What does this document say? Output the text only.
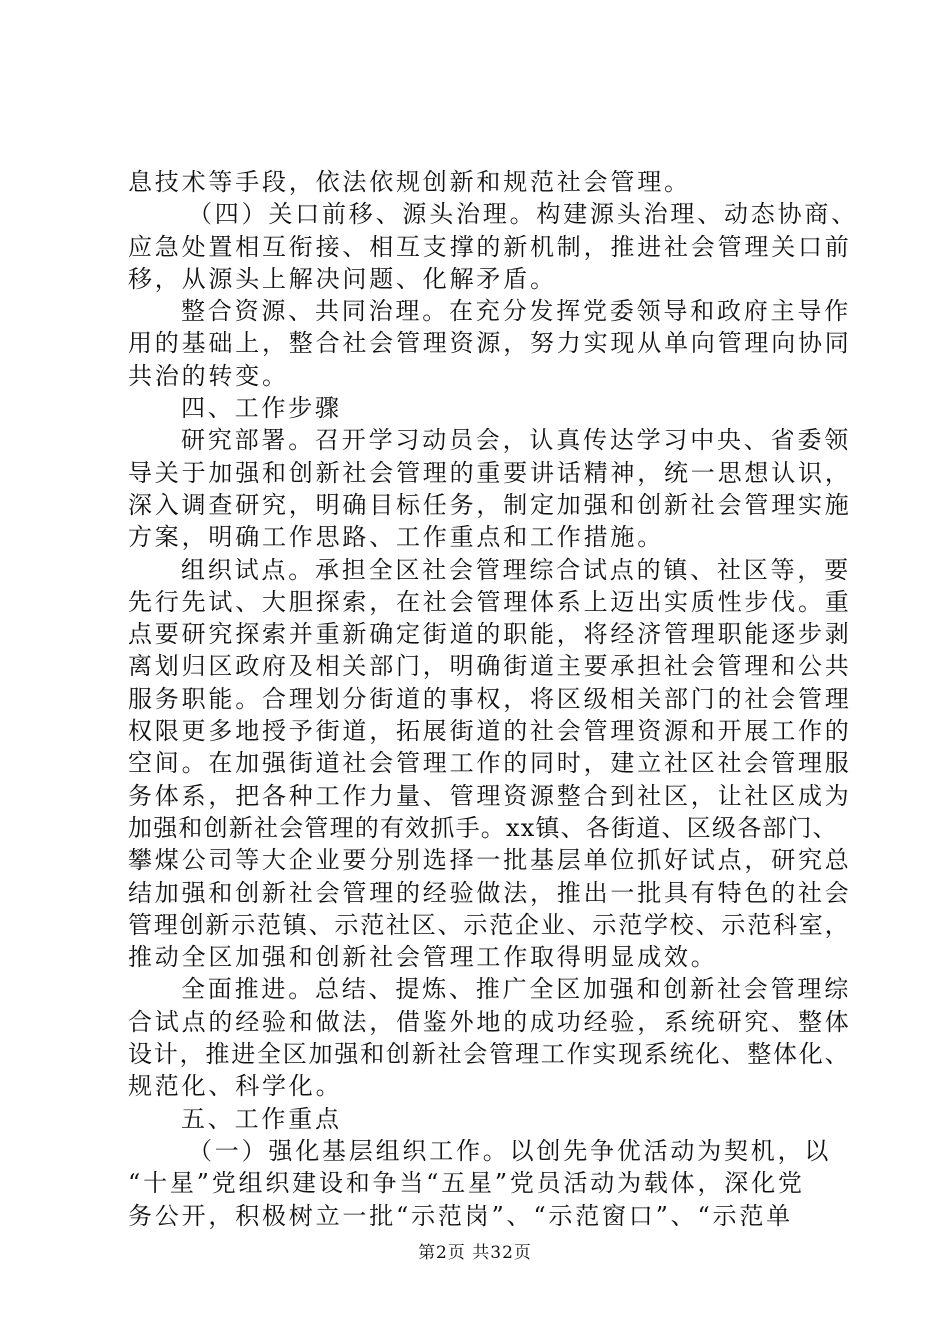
息技术等手段，依法依规创新和规范社会管理。
（四）关口前移、源头治理。构建源头治理、动态协商、
应急处置相互衔接、相互支撑的新机制，推进社会管理关口前
移，从源头上解决问题、化解矛盾。
整合资源、共同治理。在充分发挥党委领导和政府主导作
用的基础上，整合社会管理资源，努力实现从单向管理向协同
共治的转变。
四、工作步骤
研究部署。召开学习动员会，认真传达学习中央、省委领
导关于加强和创新社会管理的重要讲话精神，统一思想认识，
深入调查研究，明确目标任务，制定加强和创新社会管理实施
方案，明确工作思路、工作重点和工作措施。
组织试点。承担全区社会管理综合试点的镇、社区等，要
先行先试、大胆探索，在社会管理体系上迈出实质性步伐。重
点要研究探索并重新确定街道的职能，将经济管理职能逐步剥
离划归区政府及相关部门，明确街道主要承担社会管理和公共
服务职能。合理划分街道的事权，将区级相关部门的社会管理
权限更多地授予街道，拓展街道的社会管理资源和开展工作的
空间。在加强街道社会管理工作的同时，建立社区社会管理服
务体系，把各种工作力量、管理资源整合到社区，让社区成为
加强和创新社会管理的有效抓手。xx镇、各街道、区级各部门、
攀煤公司等大企业要分别选择一批基层单位抓好试点，研究总
结加强和创新社会管理的经验做法，推出一批具有特色的社会
管理创新示范镇、示范社区、示范企业、示范学校、示范科室，
推动全区加强和创新社会管理工作取得明显成效。
全面推进。总结、提炼、推广全区加强和创新社会管理综
合试点的经验和做法，借鉴外地的成功经验，系统研究、整体
设计，推进全区加强和创新社会管理工作实现系统化、整体化、
规范化、科学化。
五、工作重点
（一）强化基层组织工作。以创先争优活动为契机，以
“十星”党组织建设和争当“五星”党员活动为载体，深化党
务公开，积极树立一批“示范岗”、“示范窗口”、“示范单
第2页 共32页
